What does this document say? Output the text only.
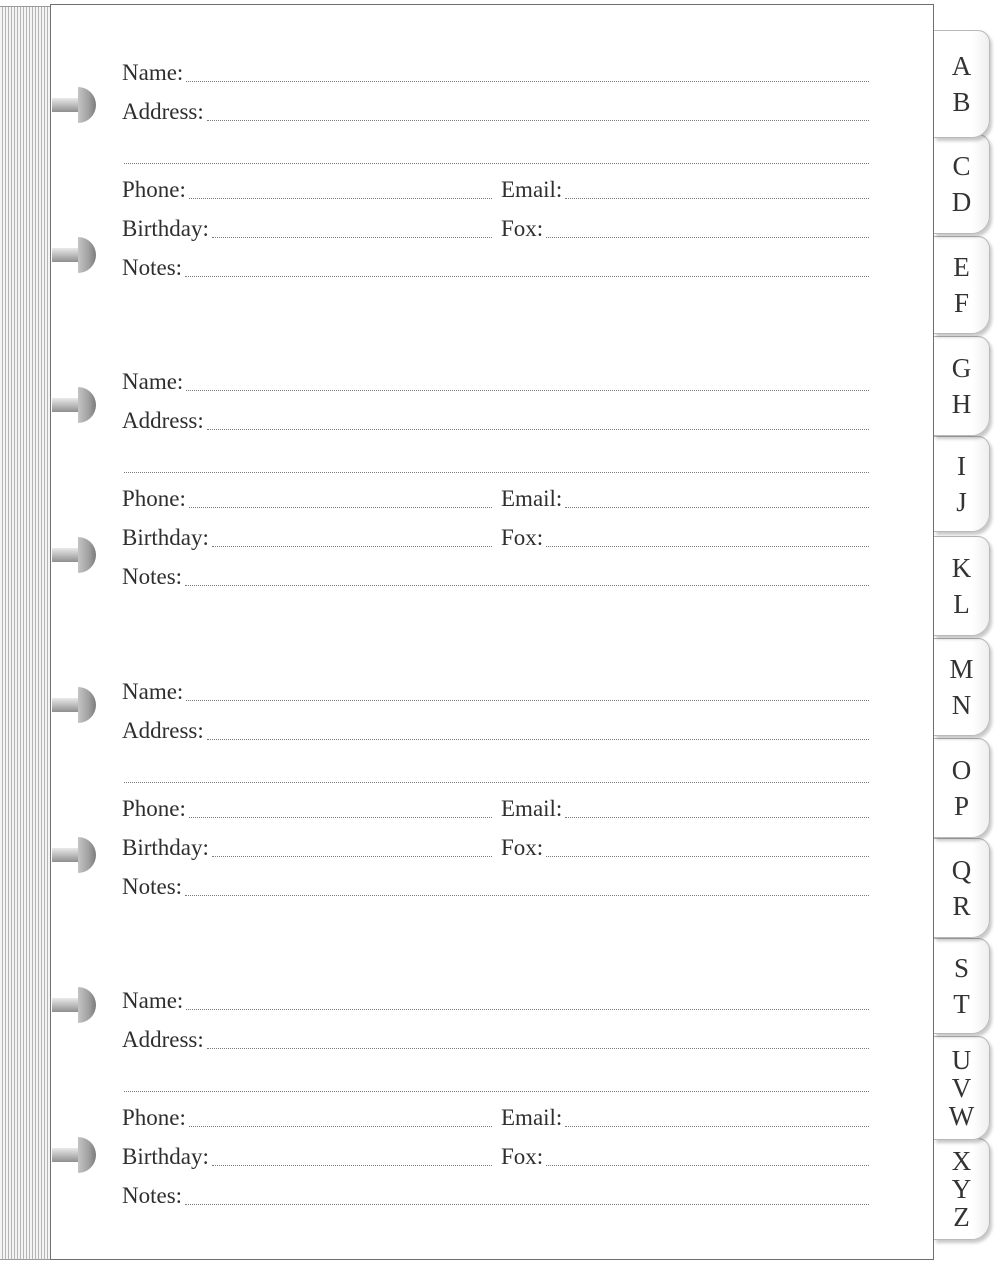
Name:
Address:
Phone:	Email:
Birthday:	Fox:
Notes:
Name:
Address:
Phone:	Email:
Birthday:	Fox:
Notes:
Name:
Address:
Phone:	Email:
Birthday:	Fox:
Notes:
Name:
Address:
Phone:	Email:
Birthday:	Fox:
Notes:
A
B
C
D
E
F
G
H
I
J
K
L
M
N
O
P
Q
R
S
T
U
V
W
X
Y
Z
